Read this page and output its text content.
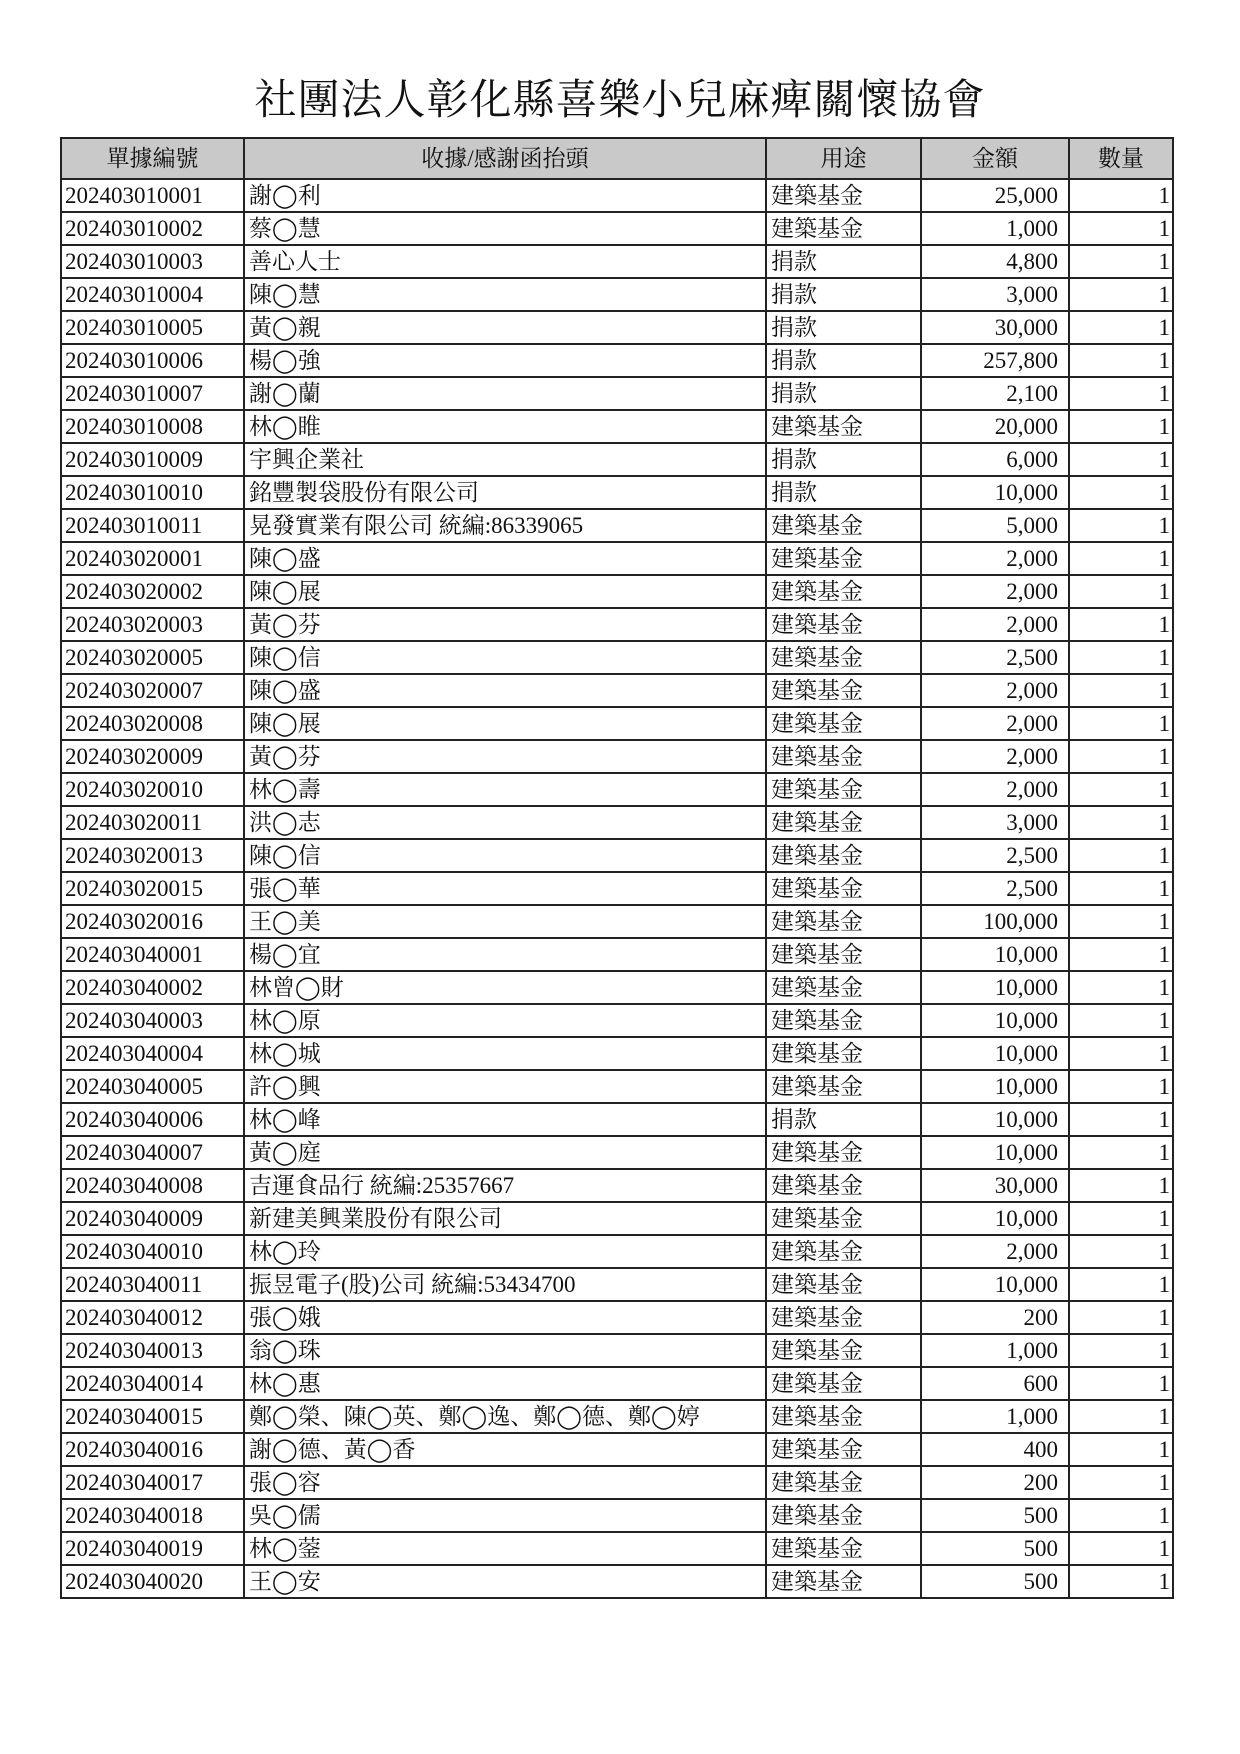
社團法人彰化縣喜樂小兒麻痺關懷協會
單據編號	收據/感謝函抬頭	用途	金額	數量
202403010001	謝◯利	建築基金	25,000	1
202403010002	蔡◯慧	建築基金	1,000	1
202403010003	善心人士	捐款	4,800	1
202403010004	陳◯慧	捐款	3,000	1
202403010005	黃◯親	捐款	30,000	1
202403010006	楊◯強	捐款	257,800	1
202403010007	謝◯蘭	捐款	2,100	1
202403010008	林◯睢	建築基金	20,000	1
202403010009	宇興企業社	捐款	6,000	1
202403010010	銘豐製袋股份有限公司	捐款	10,000	1
202403010011	晃發實業有限公司 統編:86339065	建築基金	5,000	1
202403020001	陳◯盛	建築基金	2,000	1
202403020002	陳◯展	建築基金	2,000	1
202403020003	黃◯芬	建築基金	2,000	1
202403020005	陳◯信	建築基金	2,500	1
202403020007	陳◯盛	建築基金	2,000	1
202403020008	陳◯展	建築基金	2,000	1
202403020009	黃◯芬	建築基金	2,000	1
202403020010	林◯壽	建築基金	2,000	1
202403020011	洪◯志	建築基金	3,000	1
202403020013	陳◯信	建築基金	2,500	1
202403020015	張◯華	建築基金	2,500	1
202403020016	王◯美	建築基金	100,000	1
202403040001	楊◯宜	建築基金	10,000	1
202403040002	林曾◯財	建築基金	10,000	1
202403040003	林◯原	建築基金	10,000	1
202403040004	林◯城	建築基金	10,000	1
202403040005	許◯興	建築基金	10,000	1
202403040006	林◯峰	捐款	10,000	1
202403040007	黃◯庭	建築基金	10,000	1
202403040008	吉運食品行 統編:25357667	建築基金	30,000	1
202403040009	新建美興業股份有限公司	建築基金	10,000	1
202403040010	林◯玲	建築基金	2,000	1
202403040011	振昱電子(股)公司 統編:53434700	建築基金	10,000	1
202403040012	張◯娥	建築基金	200	1
202403040013	翁◯珠	建築基金	1,000	1
202403040014	林◯惠	建築基金	600	1
202403040015	鄭◯榮、陳◯英、鄭◯逸、鄭◯德、鄭◯婷	建築基金	1,000	1
202403040016	謝◯德、黃◯香	建築基金	400	1
202403040017	張◯容	建築基金	200	1
202403040018	吳◯儒	建築基金	500	1
202403040019	林◯蓥	建築基金	500	1
202403040020	王◯安	建築基金	500	1
